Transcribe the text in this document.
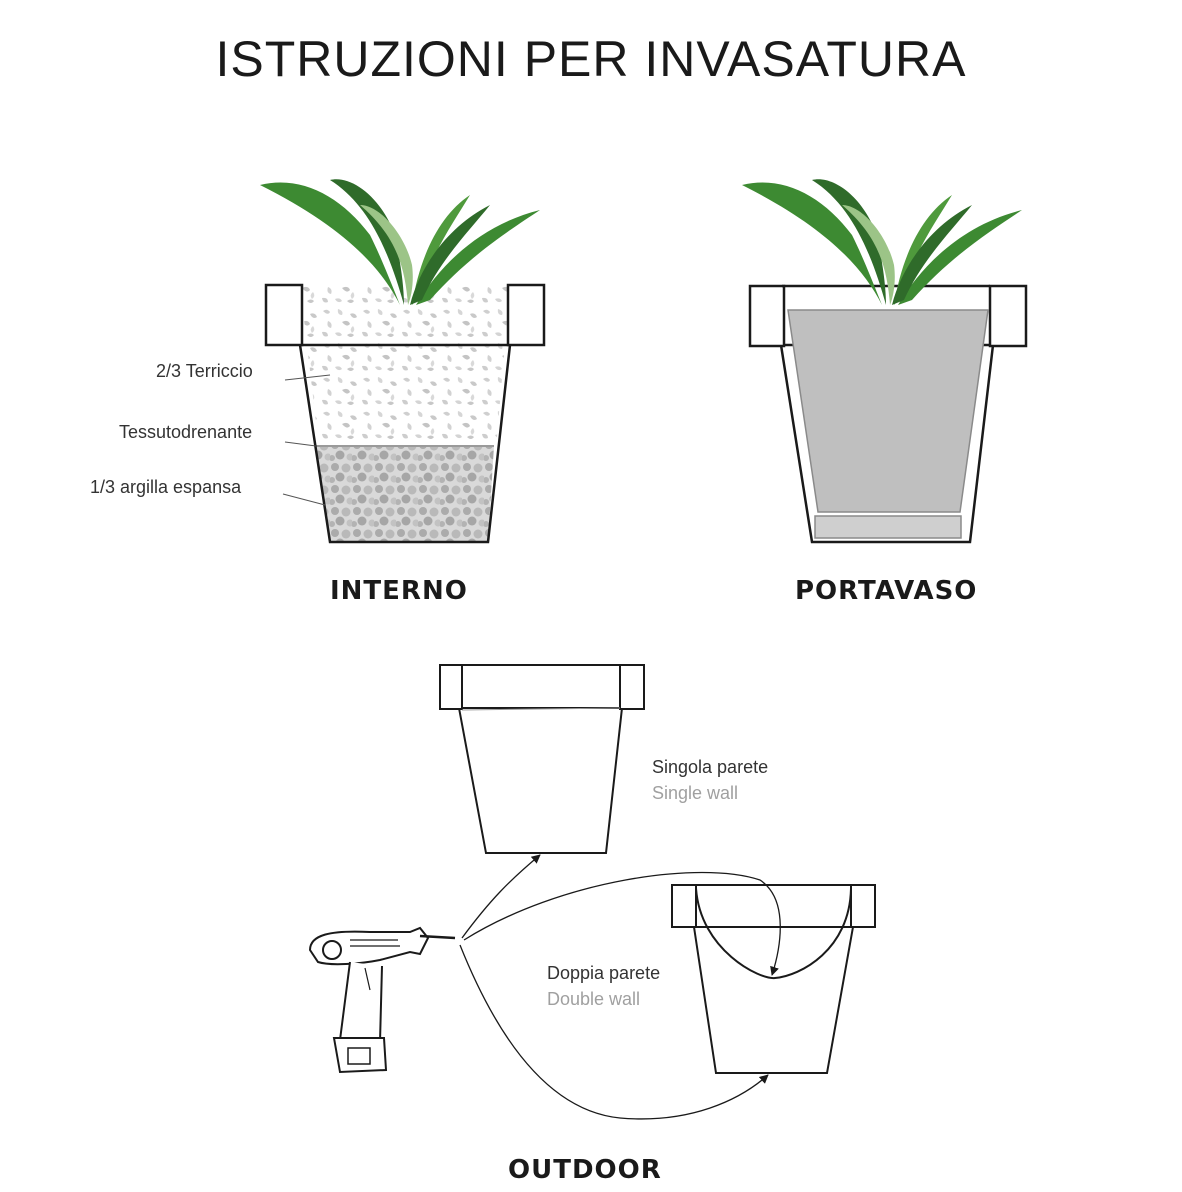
ISTRUZIONI PER INVASATURA
2/3 Terriccio
Tessutodrenante
1/3 argilla espansa
INTERNO	PORTAVASO
OUTDOOR
Singola parete
Single wall
Doppia parete
Double wall
